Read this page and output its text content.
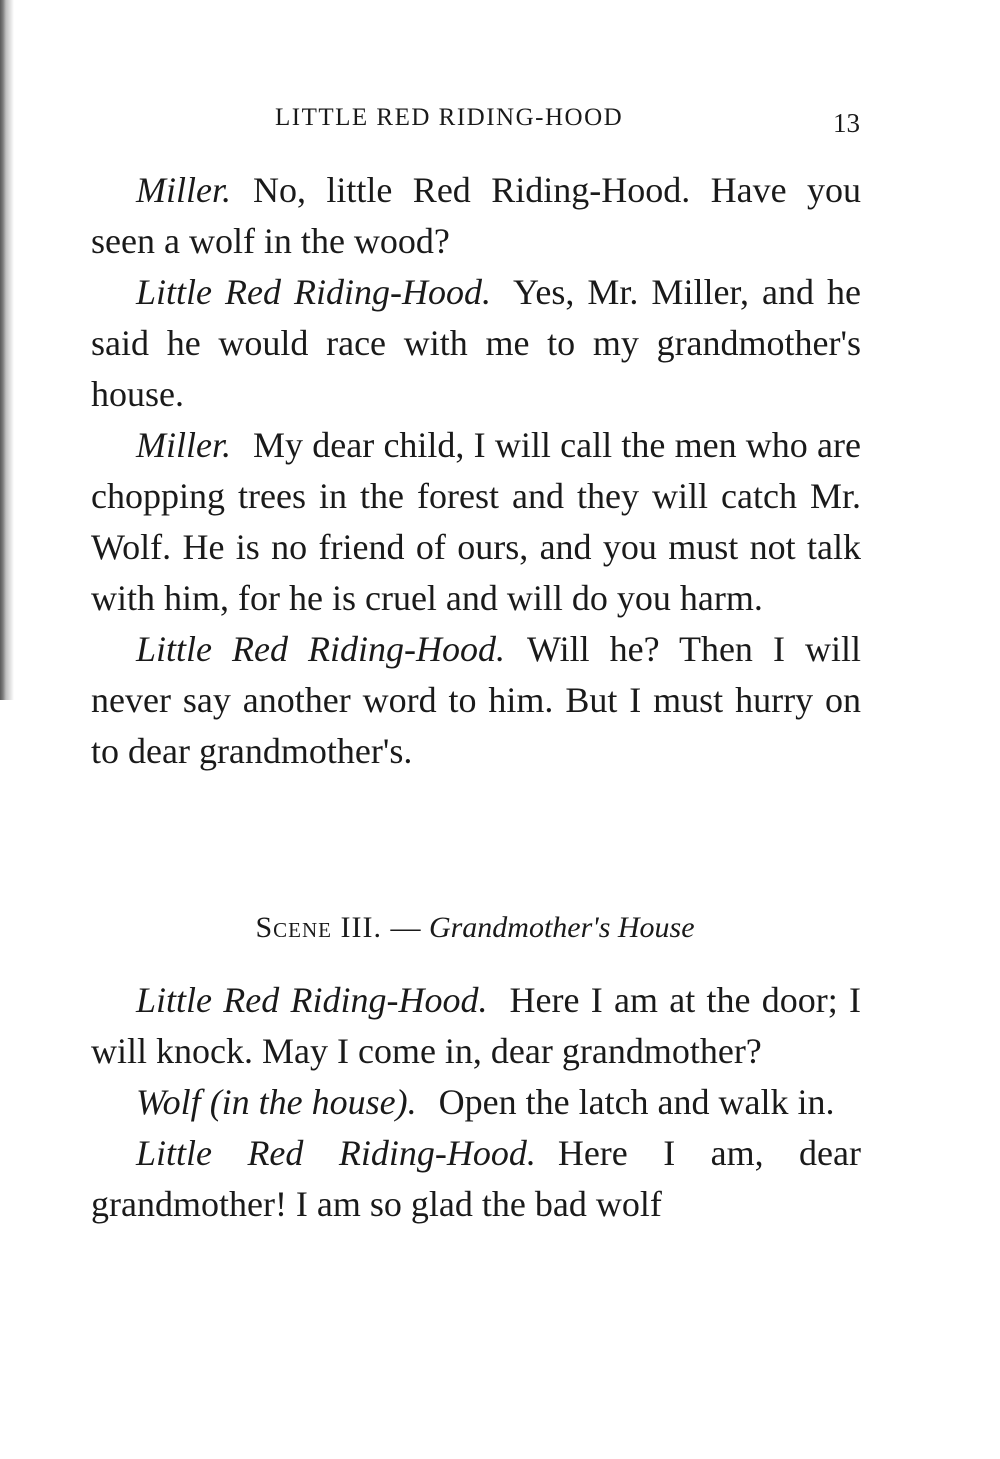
LITTLE RED RIDING-HOOD	13

Miller. No, little Red Riding-Hood. Have you seen a wolf in the wood?

Little Red Riding-Hood. Yes, Mr. Miller, and he said he would race with me to my grandmother's house.

Miller. My dear child, I will call the men who are chopping trees in the forest and they will catch Mr. Wolf. He is no friend of ours, and you must not talk with him, for he is cruel and will do you harm.

Little Red Riding-Hood. Will he? Then I will never say another word to him. But I must hurry on to dear grandmother's.

Scene III. — Grandmother's House

Little Red Riding-Hood. Here I am at the door; I will knock. May I come in, dear grandmother?

Wolf (in the house). Open the latch and walk in.

Little Red Riding-Hood. Here I am, dear grandmother! I am so glad the bad wolf
